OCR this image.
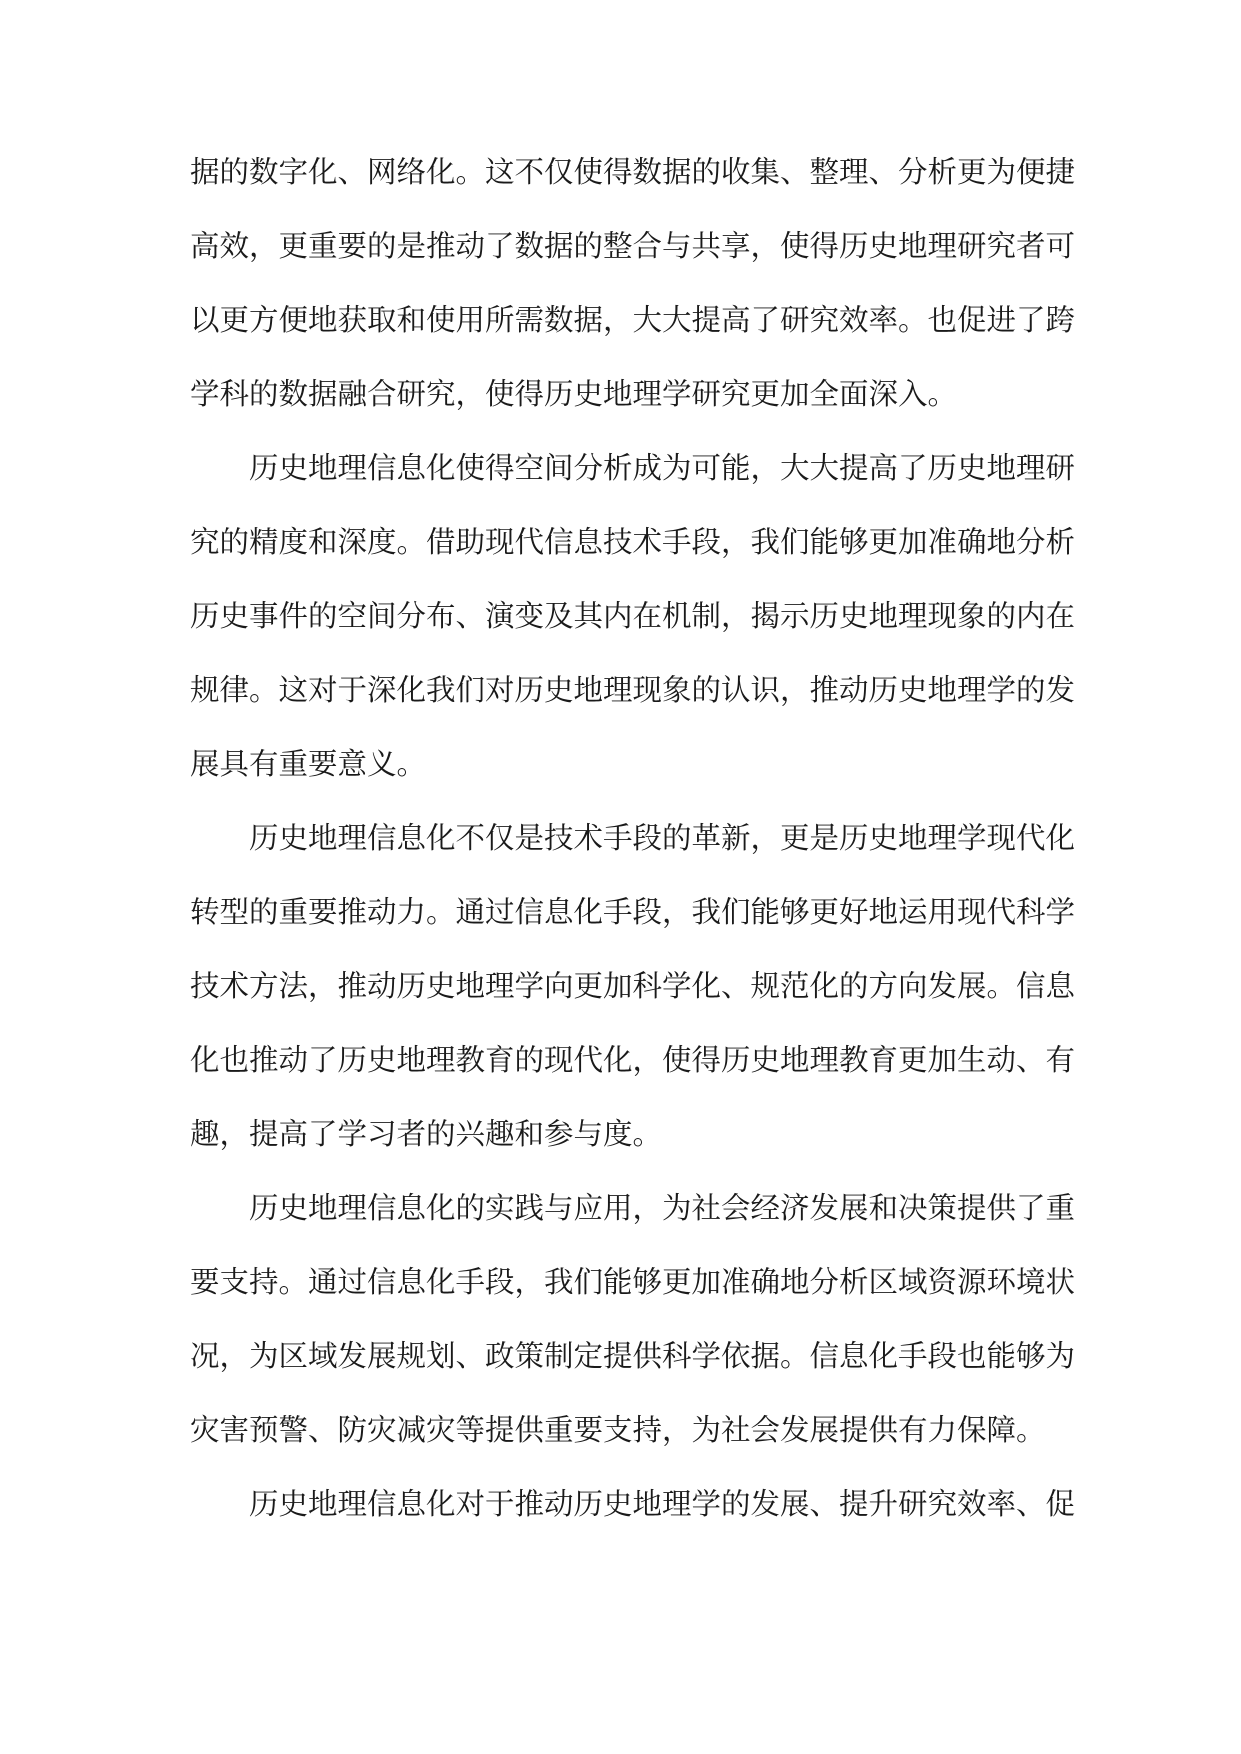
据的数字化、网络化。这不仅使得数据的收集、整理、分析更为便捷
高效，更重要的是推动了数据的整合与共享，使得历史地理研究者可
以更方便地获取和使用所需数据，大大提高了研究效率。也促进了跨
学科的数据融合研究，使得历史地理学研究更加全面深入。
历史地理信息化使得空间分析成为可能，大大提高了历史地理研
究的精度和深度。借助现代信息技术手段，我们能够更加准确地分析
历史事件的空间分布、演变及其内在机制，揭示历史地理现象的内在
规律。这对于深化我们对历史地理现象的认识，推动历史地理学的发
展具有重要意义。
历史地理信息化不仅是技术手段的革新，更是历史地理学现代化
转型的重要推动力。通过信息化手段，我们能够更好地运用现代科学
技术方法，推动历史地理学向更加科学化、规范化的方向发展。信息
化也推动了历史地理教育的现代化，使得历史地理教育更加生动、有
趣，提高了学习者的兴趣和参与度。
历史地理信息化的实践与应用，为社会经济发展和决策提供了重
要支持。通过信息化手段，我们能够更加准确地分析区域资源环境状
况，为区域发展规划、政策制定提供科学依据。信息化手段也能够为
灾害预警、防灾减灾等提供重要支持，为社会发展提供有力保障。
历史地理信息化对于推动历史地理学的发展、提升研究效率、促
